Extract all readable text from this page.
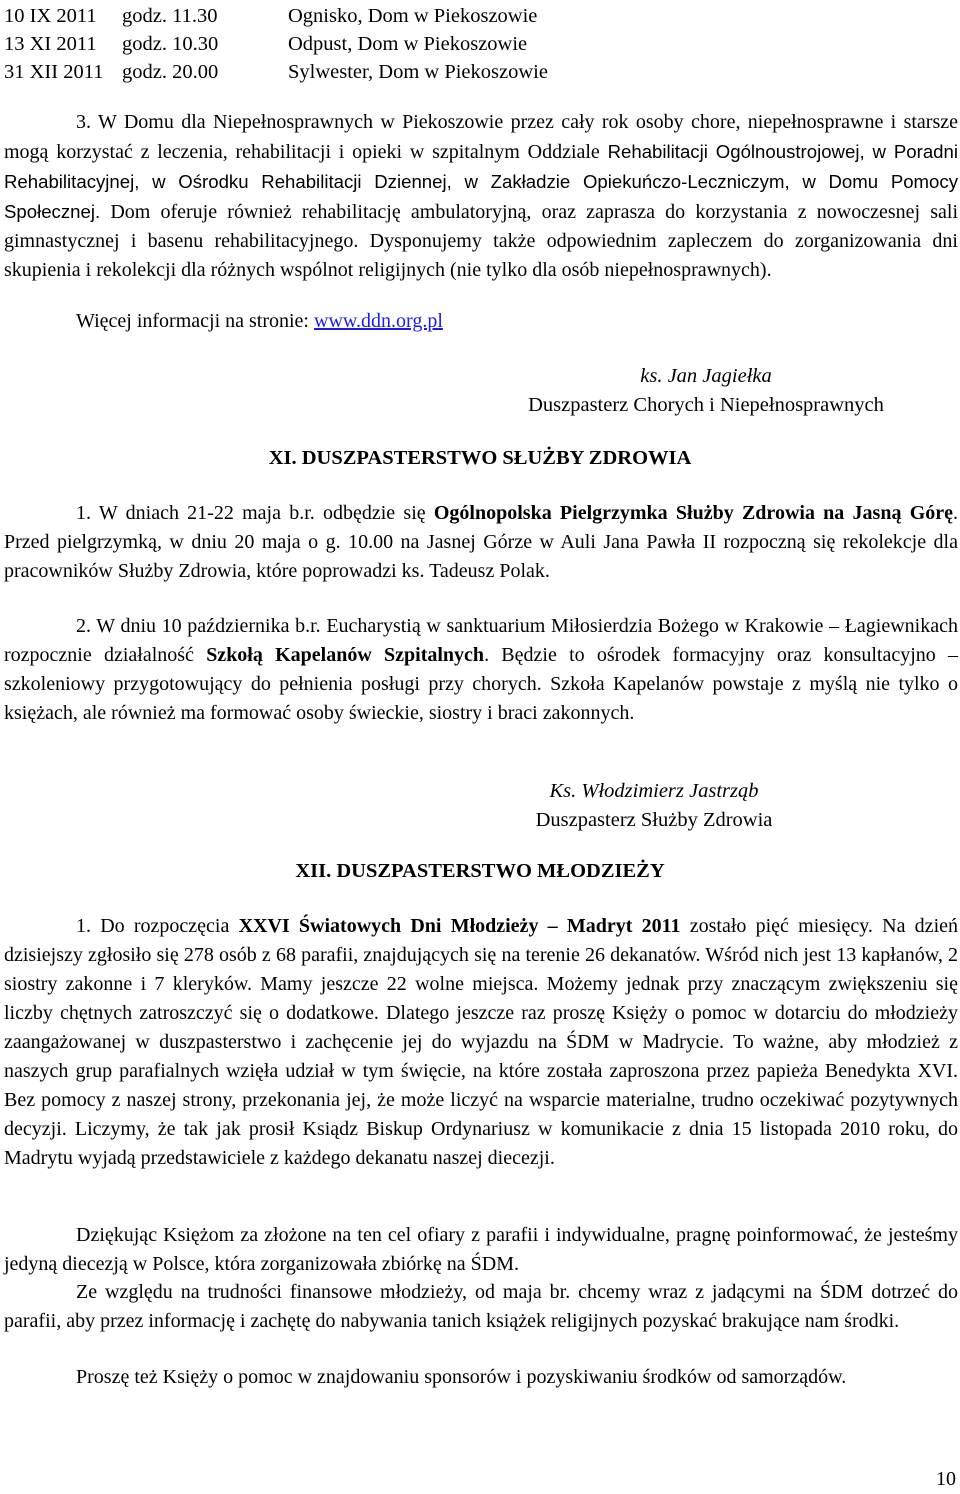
10 IX 2011	godz. 11.30	Ognisko, Dom w Piekoszowie
13 XI 2011	godz. 10.30	Odpust, Dom w Piekoszowie
31 XII 2011 godz. 20.00	Sylwester, Dom w Piekoszowie
3. W Domu dla Niepełnosprawnych w Piekoszowie przez cały rok osoby chore, niepełnosprawne i starsze mogą korzystać z leczenia, rehabilitacji i opieki w szpitalnym Oddziale Rehabilitacji Ogólnoustrojowej, w Poradni Rehabilitacyjnej, w Ośrodku Rehabilitacji Dziennej, w Zakładzie Opiekuńczo-Leczniczym, w Domu Pomocy Społecznej. Dom oferuje również rehabilitację ambulatoryjną, oraz zaprasza do korzystania z nowoczesnej sali gimnastycznej i basenu rehabilitacyjnego. Dysponujemy także odpowiednim zapleczem do zorganizowania dni skupienia i rekolekcji dla różnych wspólnot religijnych (nie tylko dla osób niepełnosprawnych).
Więcej informacji na stronie: www.ddn.org.pl
ks. Jan Jagiełka
Duszpasterz Chorych i Niepełnosprawnych
XI. DUSZPASTERSTWO SŁUŻBY ZDROWIA
1. W dniach 21-22 maja b.r. odbędzie się Ogólnopolska Pielgrzymka Służby Zdrowia na Jasną Górę. Przed pielgrzymką, w dniu 20 maja o g. 10.00 na Jasnej Górze w Auli Jana Pawła II rozpoczną się rekolekcje dla pracowników Służby Zdrowia, które poprowadzi ks. Tadeusz Polak.
2. W dniu 10 października b.r. Eucharystią w sanktuarium Miłosierdzia Bożego w Krakowie – Łagiewnikach rozpocznie działalność Szkołą Kapelanów Szpitalnych. Będzie to ośrodek formacyjny oraz konsultacyjno – szkoleniowy przygotowujący do pełnienia posługi przy chorych. Szkoła Kapelanów powstaje z myślą nie tylko o księżach, ale również ma formować osoby świeckie, siostry i braci zakonnych.
Ks. Włodzimierz Jastrząb
Duszpasterz Służby Zdrowia
XII. DUSZPASTERSTWO MŁODZIEŻY
1. Do rozpoczęcia XXVI Światowych Dni Młodzieży – Madryt 2011 zostało pięć miesięcy. Na dzień dzisiejszy zgłosiło się 278 osób z 68 parafii, znajdujących się na terenie 26 dekanatów. Wśród nich jest 13 kapłanów, 2 siostry zakonne i 7 kleryków. Mamy jeszcze 22 wolne miejsca. Możemy jednak przy znaczącym zwiększeniu się liczby chętnych zatroszczyć się o dodatkowe. Dlatego jeszcze raz proszę Księży o pomoc w dotarciu do młodzieży zaangażowanej w duszpasterstwo i zachęcenie jej do wyjazdu na ŚDM w Madrycie. To ważne, aby młodzież z naszych grup parafialnych wzięła udział w tym święcie, na które została zaproszona przez papieża Benedykta XVI. Bez pomocy z naszej strony, przekonania jej, że może liczyć na wsparcie materialne, trudno oczekiwać pozytywnych decyzji. Liczymy, że tak jak prosił Ksiądz Biskup Ordynariusz w komunikacie z dnia 15 listopada 2010 roku, do Madrytu wyjadą przedstawiciele z każdego dekanatu naszej diecezji.
Dziękując Księżom za złożone na ten cel ofiary z parafii i indywidualne, pragnę poinformować, że jesteśmy jedyną diecezją w Polsce, która zorganizowała zbiórkę na ŚDM.
Ze względu na trudności finansowe młodzieży, od maja br. chcemy wraz z jadącymi na ŚDM dotrzeć do parafii, aby przez informację i zachętę do nabywania tanich książek religijnych pozyskać brakujące nam środki.
Proszę też Księży o pomoc w znajdowaniu sponsorów i pozyskiwaniu środków od samorządów.
10
